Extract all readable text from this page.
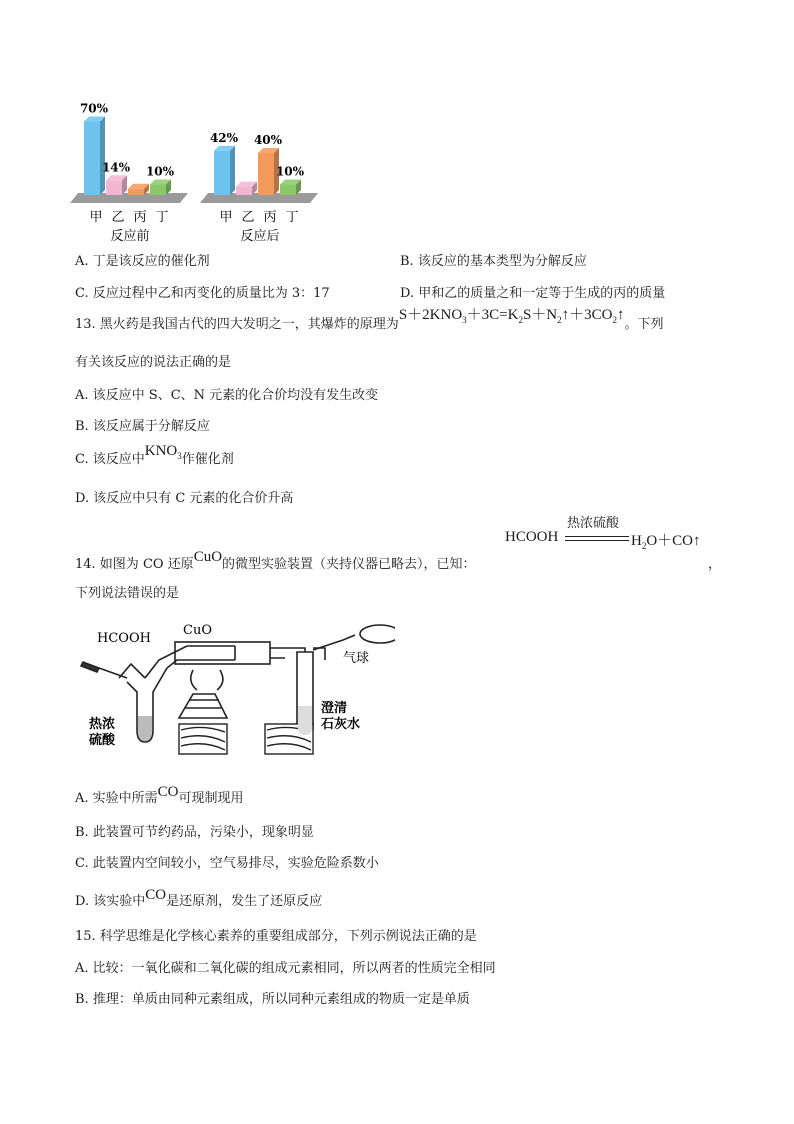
70%
甲
14%
乙 丙
10%
丁
反应前
42%
甲 乙
40%
丙
10%
丁
反应后
A. 丁是该反应的催化剂	B. 该反应的基本类型为分解反应
C. 反应过程中乙和丙变化的质量比为 3：17	D. 甲和乙的质量之和一定等于生成的丙的质量
13. 黑火药是我国古代的四大发明之一，其爆炸的原理为$S+2KNO_3+3C=K_2S+N_2↑+3CO_2↑$。下列
有关该反应的说法正确的是
A. 该反应中 S、C、N 元素的化合价均没有发生改变
B. 该反应属于分解反应
C. 该反应中$KNO_3$作催化剂
D. 该反应中只有 C 元素的化合价升高
HCOOH
热浓硫酸
$H_2O+CO↑$
14. 如图为 CO 还原CuO的微型实验装置（夹持仪器已略去），已知：	，
下列说法错误的是
HCOOH
CuO
气球
热浓
硫酸
澄清
石灰水
A. 实验中所需CO可现制现用
B. 此装置可节约药品，污染小，现象明显
C. 此装置内空间较小，空气易排尽，实验危险系数小
D. 该实验中CO是还原剂，发生了还原反应
15. 科学思维是化学核心素养的重要组成部分，下列示例说法正确的是
A. 比较：一氧化碳和二氧化碳的组成元素相同，所以两者的性质完全相同
B. 推理：单质由同种元素组成，所以同种元素组成的物质一定是单质
